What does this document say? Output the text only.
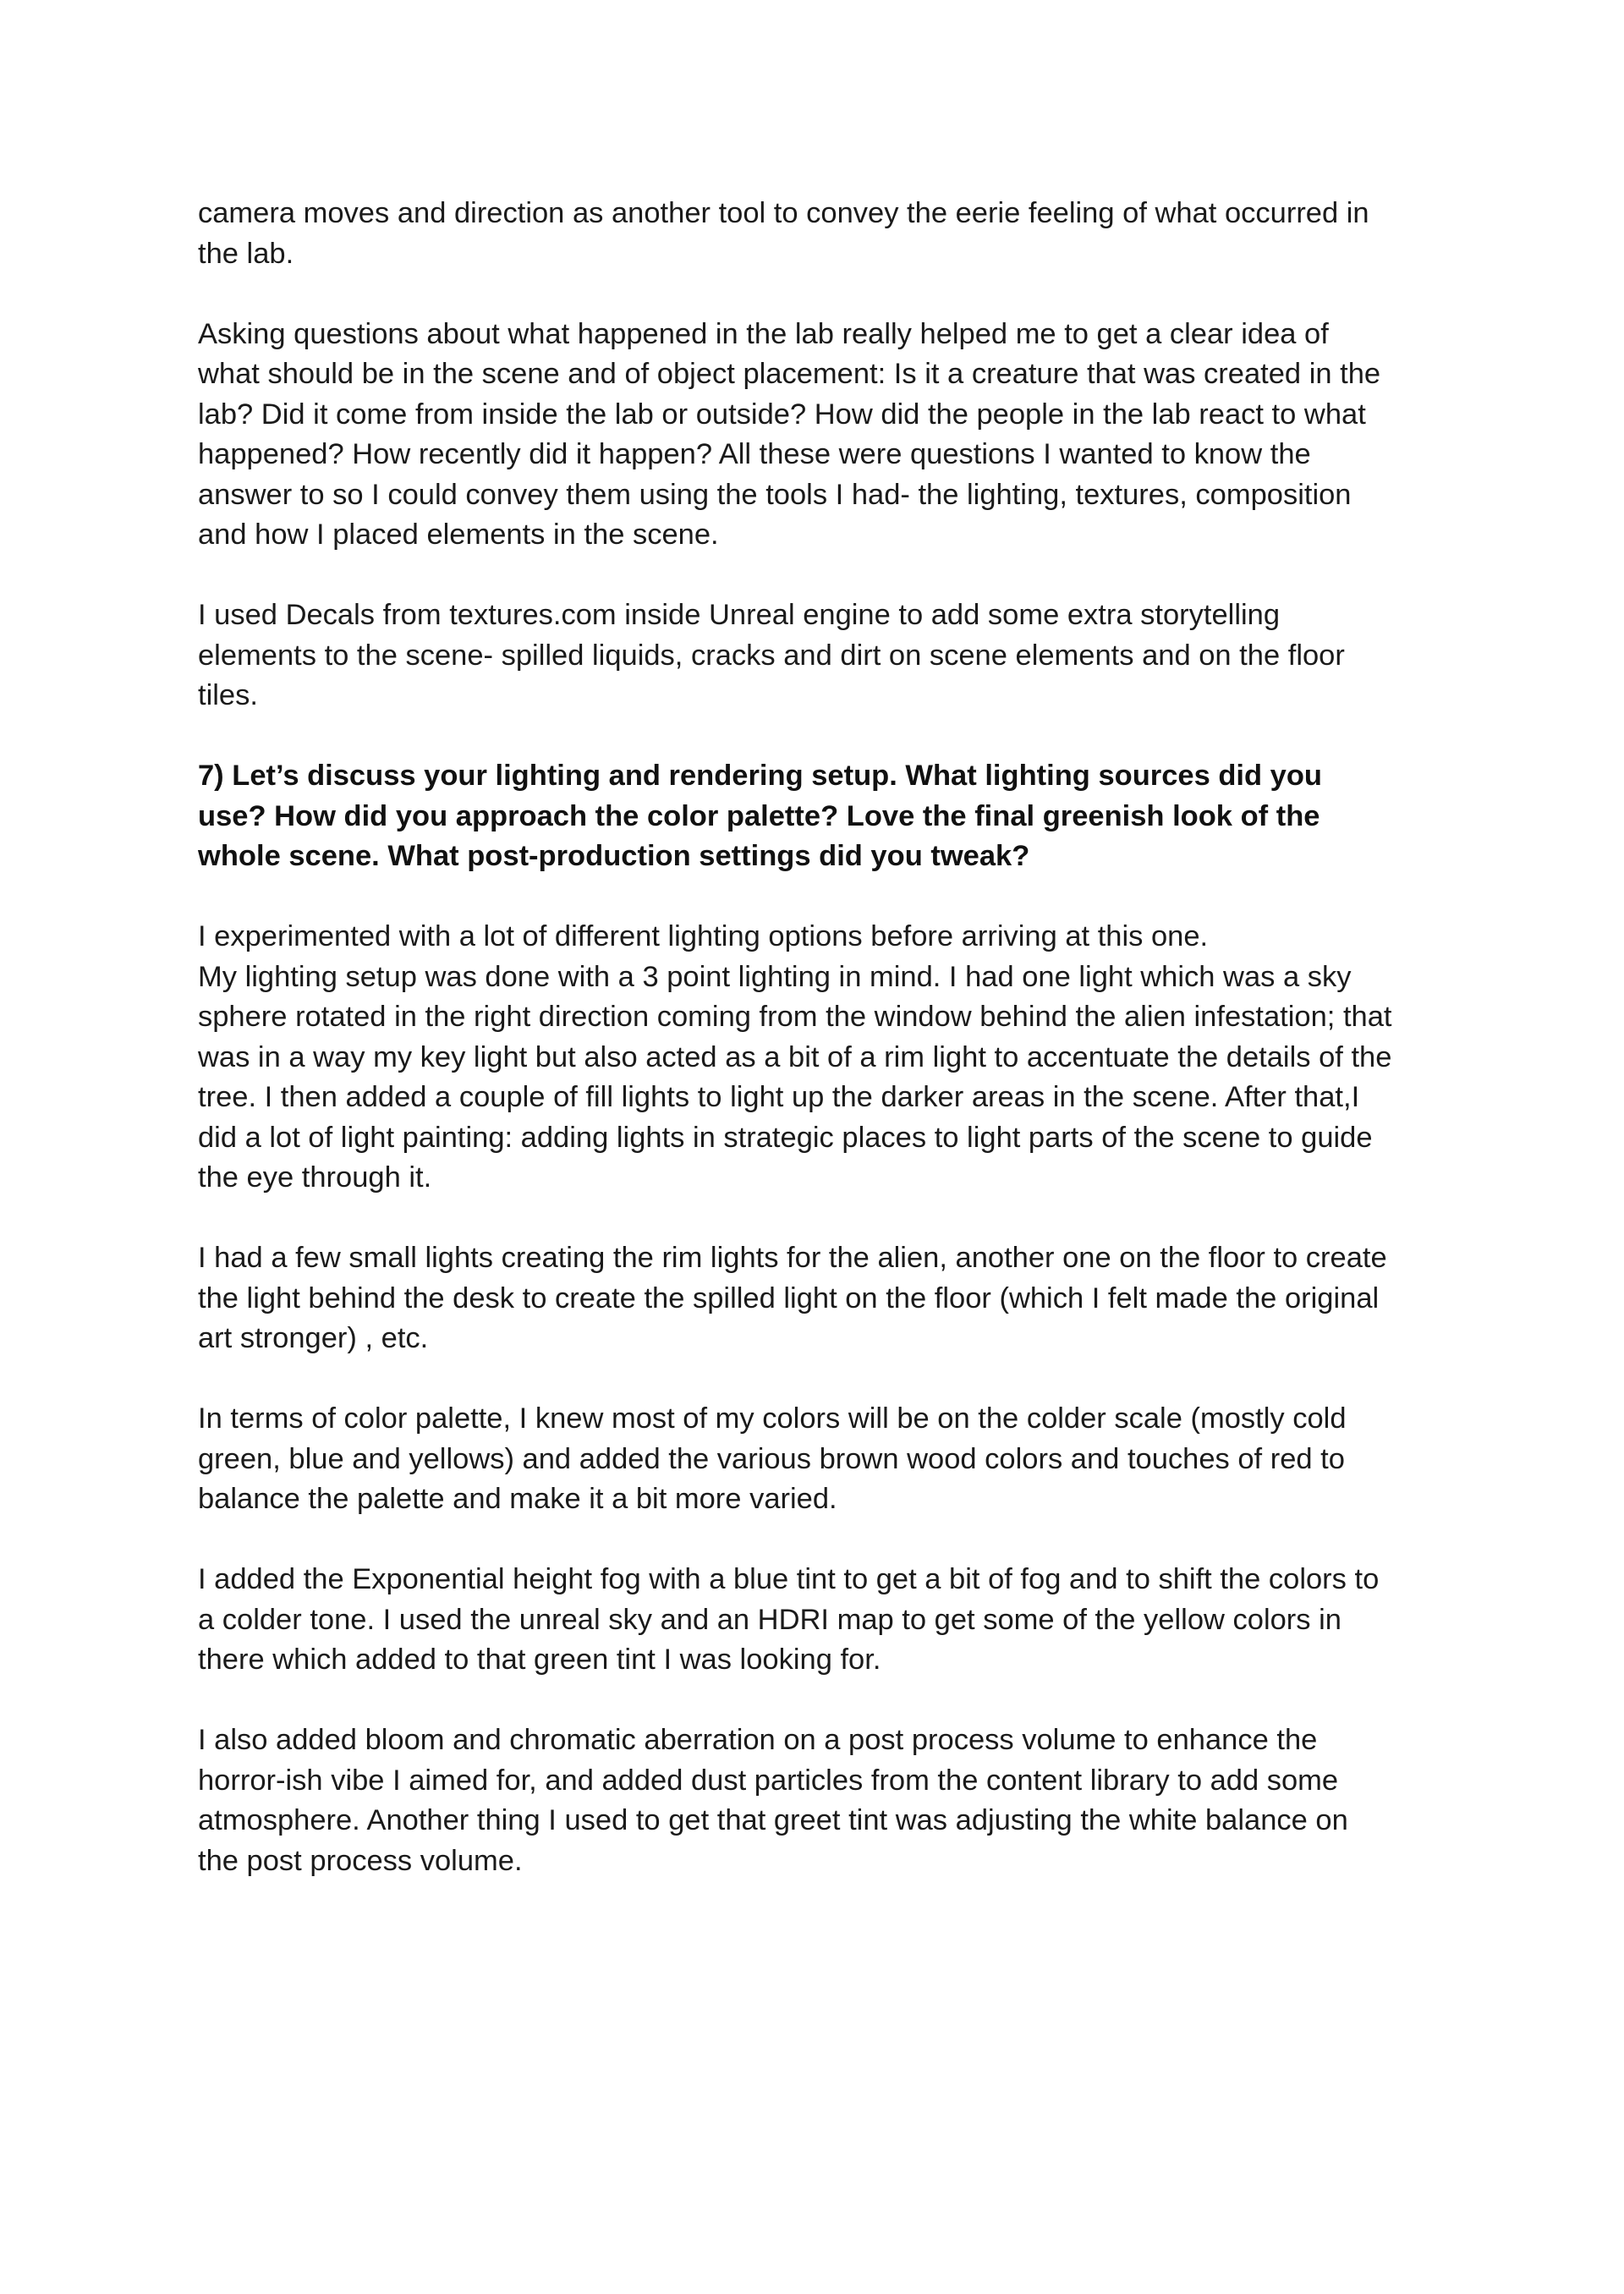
camera moves and direction as another tool to convey the eerie feeling of what occurred in
the lab.

Asking questions about what happened in the lab really helped me to get a clear idea of
what should be in the scene and of object placement: Is it a creature that was created in the
lab? Did it come from inside the lab or outside? How did the people in the lab react to what
happened? How recently did it happen? All these were questions I wanted to know the
answer to so I could convey them using the tools I had- the lighting, textures, composition
and how I placed elements in the scene.

I used Decals from textures.com inside Unreal engine to add some extra storytelling
elements to the scene- spilled liquids, cracks and dirt on scene elements and on the floor
tiles.

7) Let’s discuss your lighting and rendering setup. What lighting sources did you
use? How did you approach the color palette? Love the final greenish look of the
whole scene. What post-production settings did you tweak?

I experimented with a lot of different lighting options before arriving at this one.

My lighting setup was done with a 3 point lighting in mind. I had one light which was a sky
sphere rotated in the right direction coming from the window behind the alien infestation; that
was in a way my key light but also acted as a bit of a rim light to accentuate the details of the
tree. I then added a couple of fill lights to light up the darker areas in the scene. After that,I
did a lot of light painting: adding lights in strategic places to light parts of the scene to guide
the eye through it.

I had a few small lights creating the rim lights for the alien, another one on the floor to create
the light behind the desk to create the spilled light on the floor (which I felt made the original
art stronger) , etc.

In terms of color palette, I knew most of my colors will be on the colder scale (mostly cold
green, blue and yellows) and added the various brown wood colors and touches of red to
balance the palette and make it a bit more varied.

I added the Exponential height fog with a blue tint to get a bit of fog and to shift the colors to
a colder tone. I used the unreal sky and an HDRI map to get some of the yellow colors in
there which added to that green tint I was looking for.

I also added bloom and chromatic aberration on a post process volume to enhance the
horror-ish vibe I aimed for, and added dust particles from the content library to add some
atmosphere. Another thing I used to get that greet tint was adjusting the white balance on
the post process volume.
